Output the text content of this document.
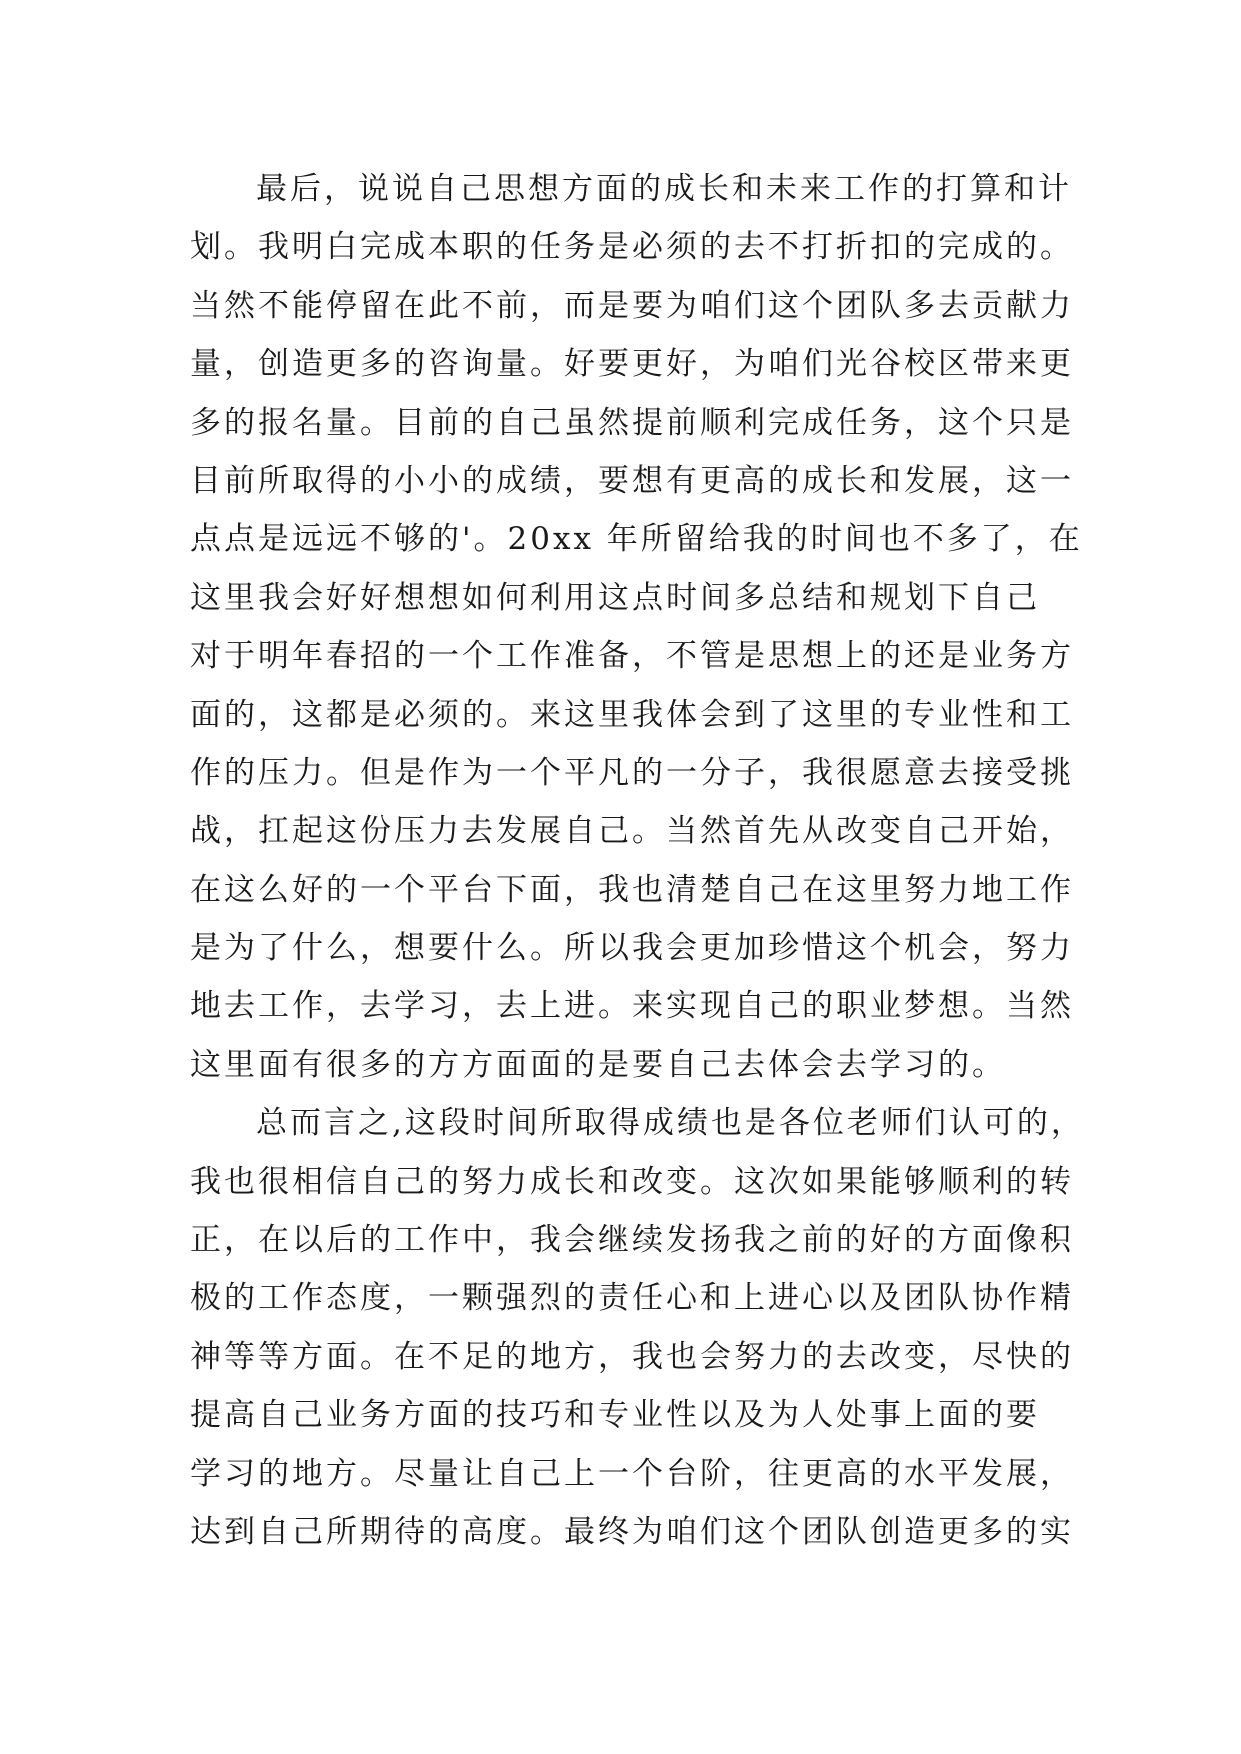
最后，说说自己思想方面的成长和未来工作的打算和计
划。我明白完成本职的任务是必须的去不打折扣的完成的。
当然不能停留在此不前，而是要为咱们这个团队多去贡献力
量，创造更多的咨询量。好要更好，为咱们光谷校区带来更
多的报名量。目前的自己虽然提前顺利完成任务，这个只是
目前所取得的小小的成绩，要想有更高的成长和发展，这一
点点是远远不够的'。20xx 年所留给我的时间也不多了，在
这里我会好好想想如何利用这点时间多总结和规划下自己
对于明年春招的一个工作准备，不管是思想上的还是业务方
面的，这都是必须的。来这里我体会到了这里的专业性和工
作的压力。但是作为一个平凡的一分子，我很愿意去接受挑
战，扛起这份压力去发展自己。当然首先从改变自己开始，
在这么好的一个平台下面，我也清楚自己在这里努力地工作
是为了什么，想要什么。所以我会更加珍惜这个机会，努力
地去工作，去学习，去上进。来实现自己的职业梦想。当然
这里面有很多的方方面面的是要自己去体会去学习的。
总而言之,这段时间所取得成绩也是各位老师们认可的，
我也很相信自己的努力成长和改变。这次如果能够顺利的转
正，在以后的工作中，我会继续发扬我之前的好的方面像积
极的工作态度，一颗强烈的责任心和上进心以及团队协作精
神等等方面。在不足的地方，我也会努力的去改变，尽快的
提高自己业务方面的技巧和专业性以及为人处事上面的要
学习的地方。尽量让自己上一个台阶，往更高的水平发展，
达到自己所期待的高度。最终为咱们这个团队创造更多的实
